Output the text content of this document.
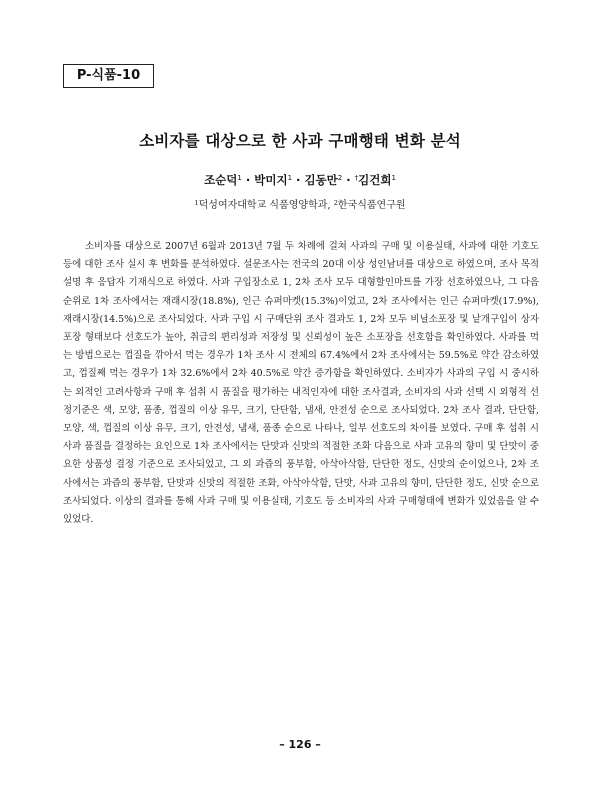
P-식품-10
소비자를 대상으로 한 사과 구매행태 변화 분석
조순덕$^1$ · 박미지$^1$ · 김동만$^2$ · †김건희$^1$
$^1$덕성여자대학교 식품영양학과, $^2$한국식품연구원

소비자를 대상으로 2007년 6월과 2013년 7월 두 차례에 걸쳐 사과의 구매 및 이용실태, 사과에 대한 기호도 등에 대한 조사 실시 후 변화를 분석하였다. 설문조사는 전국의 20대 이상 성인남녀를 대상으로 하였으며, 조사 목적 설명 후 응답자 기재식으로 하였다. 사과 구입장소로 1, 2차 조사 모두 대형할인마트를 가장 선호하였으나, 그 다음 순위로 1차 조사에서는 재래시장(18.8%), 인근 슈퍼마켓(15.3%)이었고, 2차 조사에서는 인근 슈퍼마켓(17.9%), 재래시장(14.5%)으로 조사되었다. 사과 구입 시 구매단위 조사 결과도 1, 2차 모두 비닐소포장 및 낱개구입이 상자포장 형태보다 선호도가 높아, 취급의 편리성과 저장성 및 신뢰성이 높은 소포장을 선호함을 확인하였다. 사과를 먹는 방법으로는 껍질을 깎아서 먹는 경우가 1차 조사 시 전체의 67.4%에서 2차 조사에서는 59.5%로 약간 감소하였고, 껍질째 먹는 경우가 1차 32.6%에서 2차 40.5%로 약간 증가함을 확인하였다. 소비자가 사과의 구입 시 중시하는 외적인 고려사항과 구매 후 섭취 시 품질을 평가하는 내적인자에 대한 조사결과, 소비자의 사과 선택 시 외형적 선정기준은 색, 모양, 품종, 껍질의 이상 유무, 크기, 단단함, 냄새, 안전성 순으로 조사되었다. 2차 조사 결과, 단단함, 모양, 색, 껍질의 이상 유무, 크기, 안전성, 냄새, 품종 순으로 나타나, 일부 선호도의 차이를 보였다. 구매 후 섭취 시 사과 품질을 결정하는 요인으로 1차 조사에서는 단맛과 신맛의 적절한 조화 다음으로 사과 고유의 향미 및 단맛이 중요한 상품성 결정 기준으로 조사되었고, 그 외 과즙의 풍부함, 아삭아삭함, 단단한 정도, 신맛의 순이었으나, 2차 조사에서는 과즙의 풍부함, 단맛과 신맛의 적절한 조화, 아삭아삭함, 단맛, 사과 고유의 향미, 단단한 정도, 신맛 순으로 조사되었다. 이상의 결과를 통해 사과 구매 및 이용실태, 기호도 등 소비자의 사과 구매형태에 변화가 있었음을 알 수 있었다.

– 126 –
